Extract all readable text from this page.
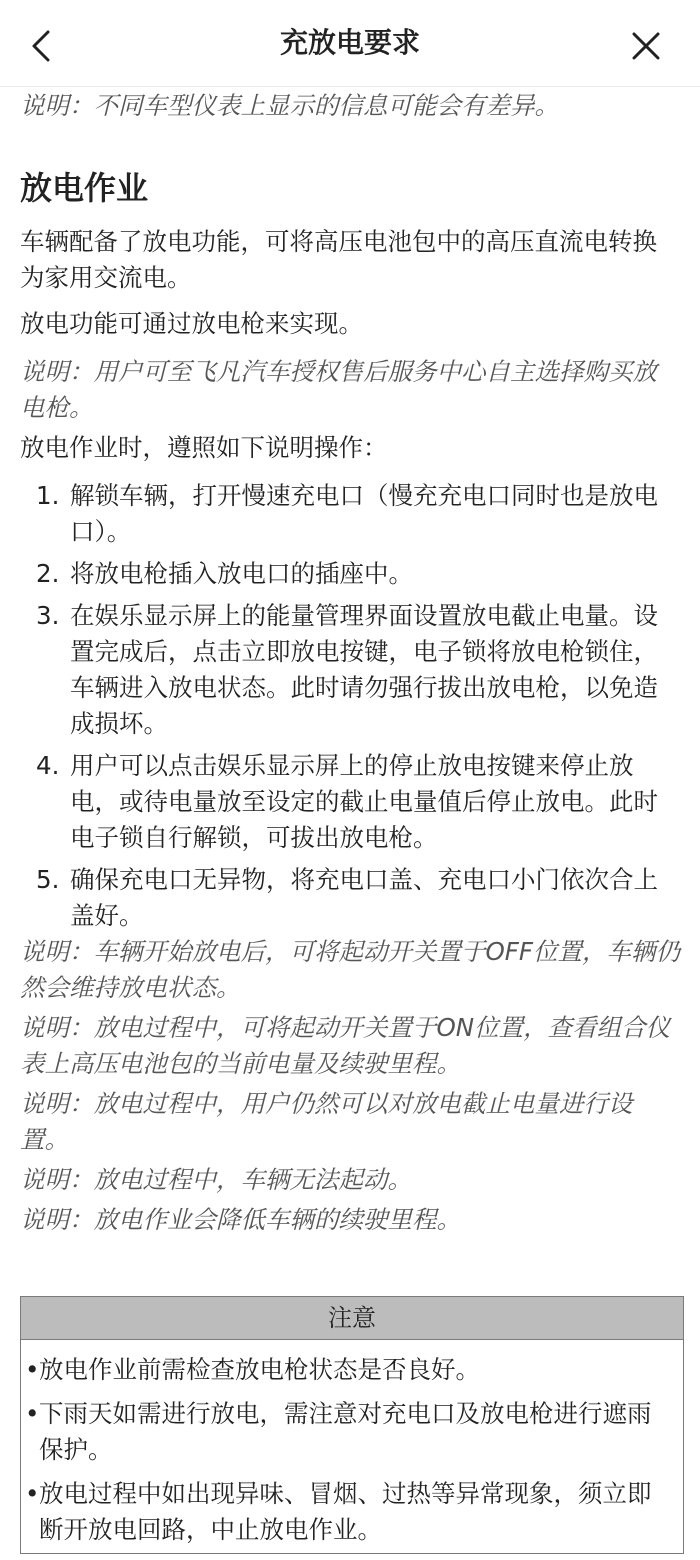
充放电要求

说明：不同车型仪表上显示的信息可能会有差异。

放电作业

车辆配备了放电功能，可将高压电池包中的高压直流电转换为家用交流电。

放电功能可通过放电枪来实现。

说明：用户可至飞凡汽车授权售后服务中心自主选择购买放电枪。

放电作业时，遵照如下说明操作：

1. 解锁车辆，打开慢速充电口（慢充充电口同时也是放电口）。
2. 将放电枪插入放电口的插座中。
3. 在娱乐显示屏上的能量管理界面设置放电截止电量。设置完成后，点击立即放电按键，电子锁将放电枪锁住，车辆进入放电状态。此时请勿强行拔出放电枪，以免造成损坏。
4. 用户可以点击娱乐显示屏上的停止放电按键来停止放电，或待电量放至设定的截止电量值后停止放电。此时电子锁自行解锁，可拔出放电枪。
5. 确保充电口无异物，将充电口盖、充电口小门依次合上盖好。

说明：车辆开始放电后，可将起动开关置于OFF位置，车辆仍然会维持放电状态。

说明：放电过程中，可将起动开关置于ON位置，查看组合仪表上高压电池包的当前电量及续驶里程。

说明：放电过程中，用户仍然可以对放电截止电量进行设置。

说明：放电过程中，车辆无法起动。

说明：放电作业会降低车辆的续驶里程。

注意
• 放电作业前需检查放电枪状态是否良好。
• 下雨天如需进行放电，需注意对充电口及放电枪进行遮雨保护。
• 放电过程中如出现异味、冒烟、过热等异常现象，须立即断开放电回路，中止放电作业。
